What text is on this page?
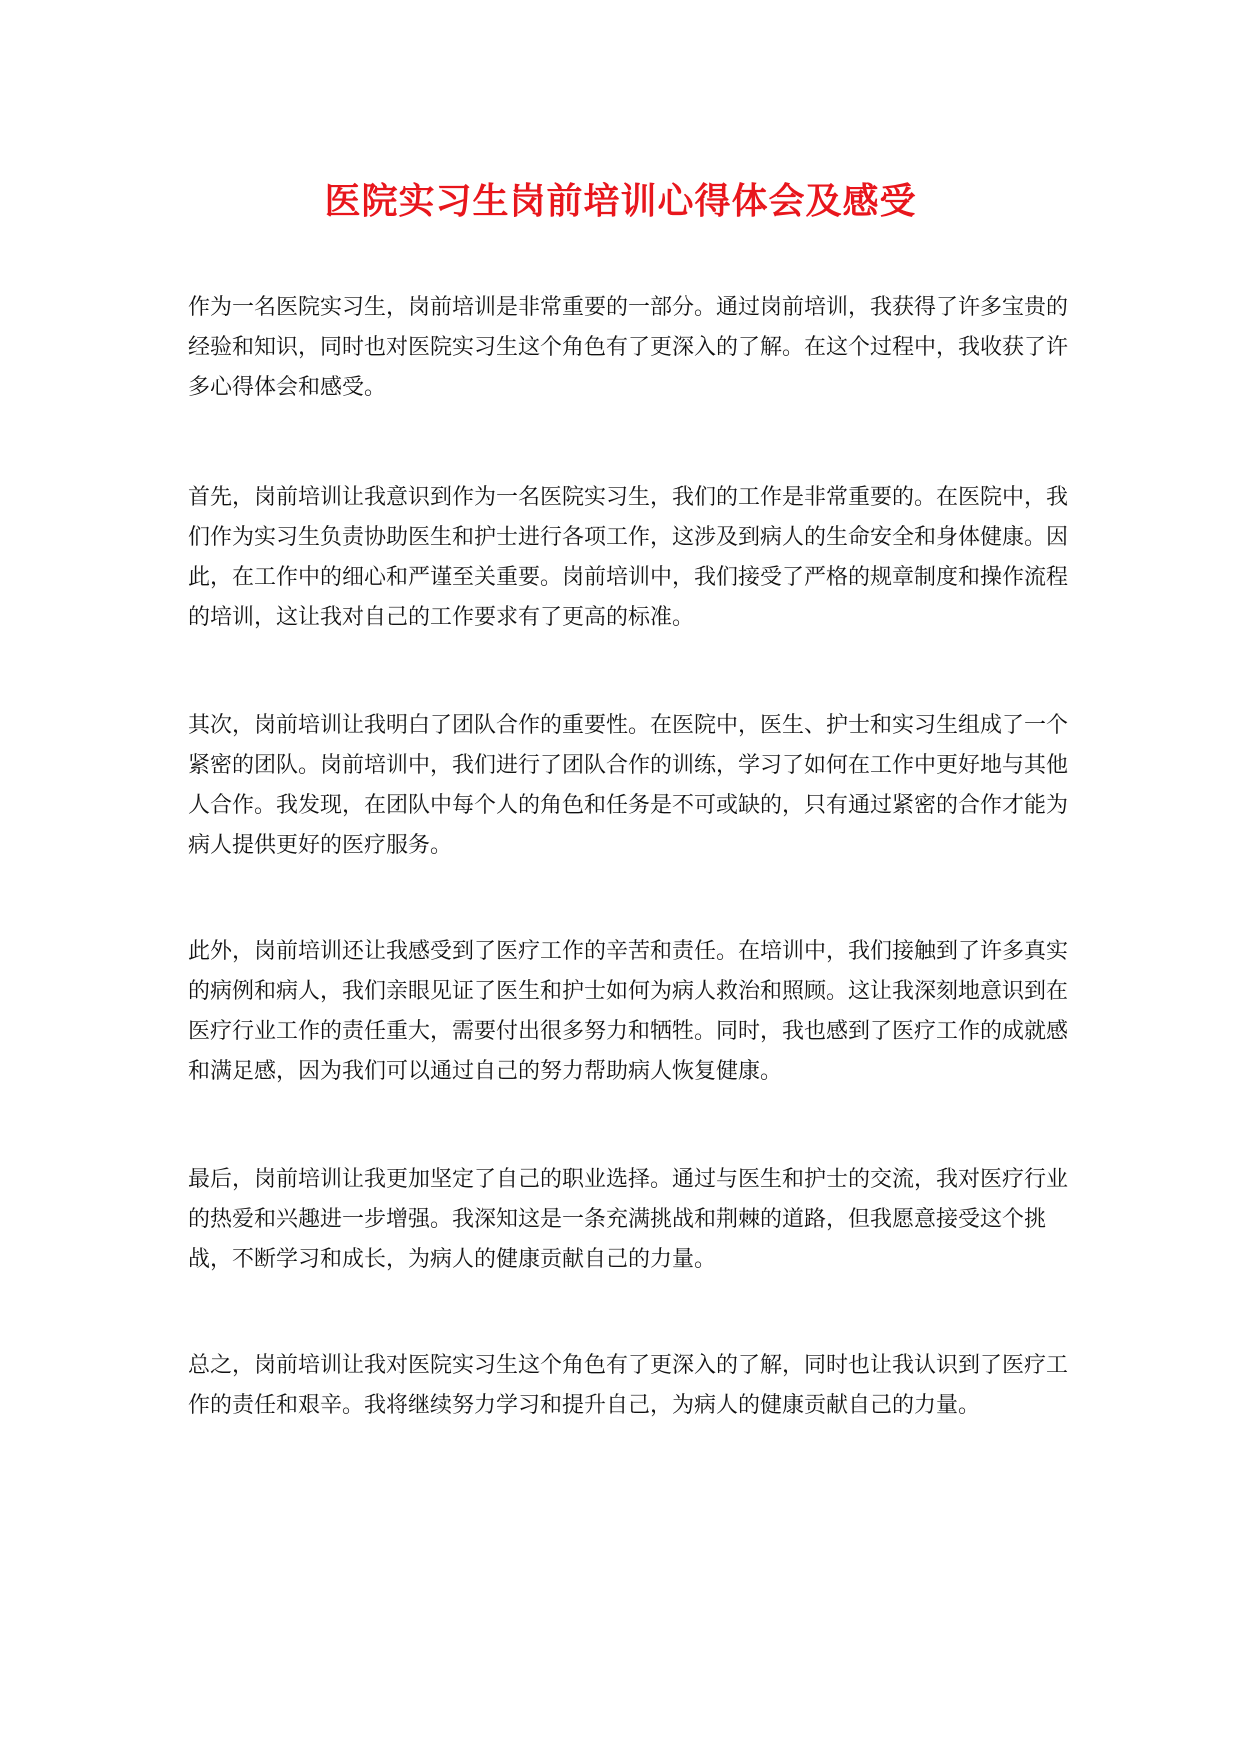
医院实习生岗前培训心得体会及感受

作为一名医院实习生，岗前培训是非常重要的一部分。通过岗前培训，我获得了许多宝贵的经验和知识，同时也对医院实习生这个角色有了更深入的了解。在这个过程中，我收获了许多心得体会和感受。

首先，岗前培训让我意识到作为一名医院实习生，我们的工作是非常重要的。在医院中，我们作为实习生负责协助医生和护士进行各项工作，这涉及到病人的生命安全和身体健康。因此，在工作中的细心和严谨至关重要。岗前培训中，我们接受了严格的规章制度和操作流程的培训，这让我对自己的工作要求有了更高的标准。

其次，岗前培训让我明白了团队合作的重要性。在医院中，医生、护士和实习生组成了一个紧密的团队。岗前培训中，我们进行了团队合作的训练，学习了如何在工作中更好地与其他人合作。我发现，在团队中每个人的角色和任务是不可或缺的，只有通过紧密的合作才能为病人提供更好的医疗服务。

此外，岗前培训还让我感受到了医疗工作的辛苦和责任。在培训中，我们接触到了许多真实的病例和病人，我们亲眼见证了医生和护士如何为病人救治和照顾。这让我深刻地意识到在医疗行业工作的责任重大，需要付出很多努力和牺牲。同时，我也感到了医疗工作的成就感和满足感，因为我们可以通过自己的努力帮助病人恢复健康。

最后，岗前培训让我更加坚定了自己的职业选择。通过与医生和护士的交流，我对医疗行业的热爱和兴趣进一步增强。我深知这是一条充满挑战和荆棘的道路，但我愿意接受这个挑战，不断学习和成长，为病人的健康贡献自己的力量。

总之，岗前培训让我对医院实习生这个角色有了更深入的了解，同时也让我认识到了医疗工作的责任和艰辛。我将继续努力学习和提升自己，为病人的健康贡献自己的力量。
